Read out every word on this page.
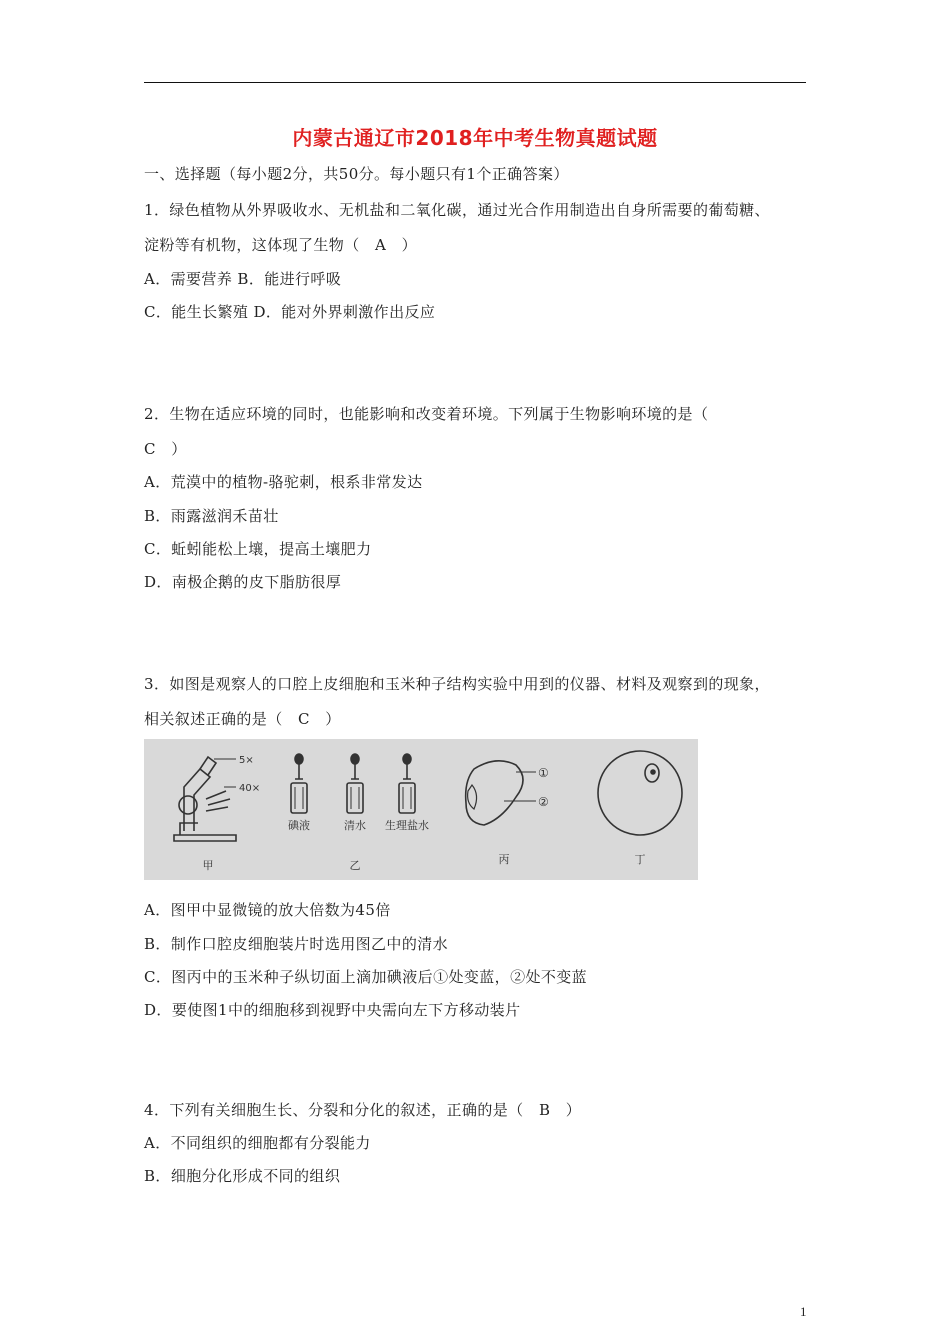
内蒙古通辽市2018年中考生物真题试题
一、选择题（每小题2分，共50分。每小题只有1个正确答案）
1．绿色植物从外界吸收水、无机盐和二氧化碳，通过光合作用制造出自身所需要的葡萄糖、
淀粉等有机物，这体现了生物（　A　）
A．需要营养 B．能进行呼吸
C．能生长繁殖 D．能对外界刺激作出反应
2．生物在适应环境的同时，也能影响和改变着环境。下列属于生物影响环境的是（
C　）
A．荒漠中的植物-骆驼刺，根系非常发达
B．雨露滋润禾苗壮
C．蚯蚓能松上壤，提高土壤肥力
D．南极企鹅的皮下脂肪很厚
3．如图是观察人的口腔上皮细胞和玉米种子结构实验中用到的仪器、材料及观察到的现象，
相关叙述正确的是（　C　）
5×
40×
碘液	清水 生理盐水
①
②
甲	乙	丙	丁
A．图甲中显微镜的放大倍数为45倍
B．制作口腔皮细胞装片时选用图乙中的清水
C．图丙中的玉米种子纵切面上滴加碘液后①处变蓝，②处不变蓝
D．要使图1中的细胞移到视野中央需向左下方移动装片
4．下列有关细胞生长、分裂和分化的叙述，正确的是（　B　）
A．不同组织的细胞都有分裂能力
B．细胞分化形成不同的组织
1
